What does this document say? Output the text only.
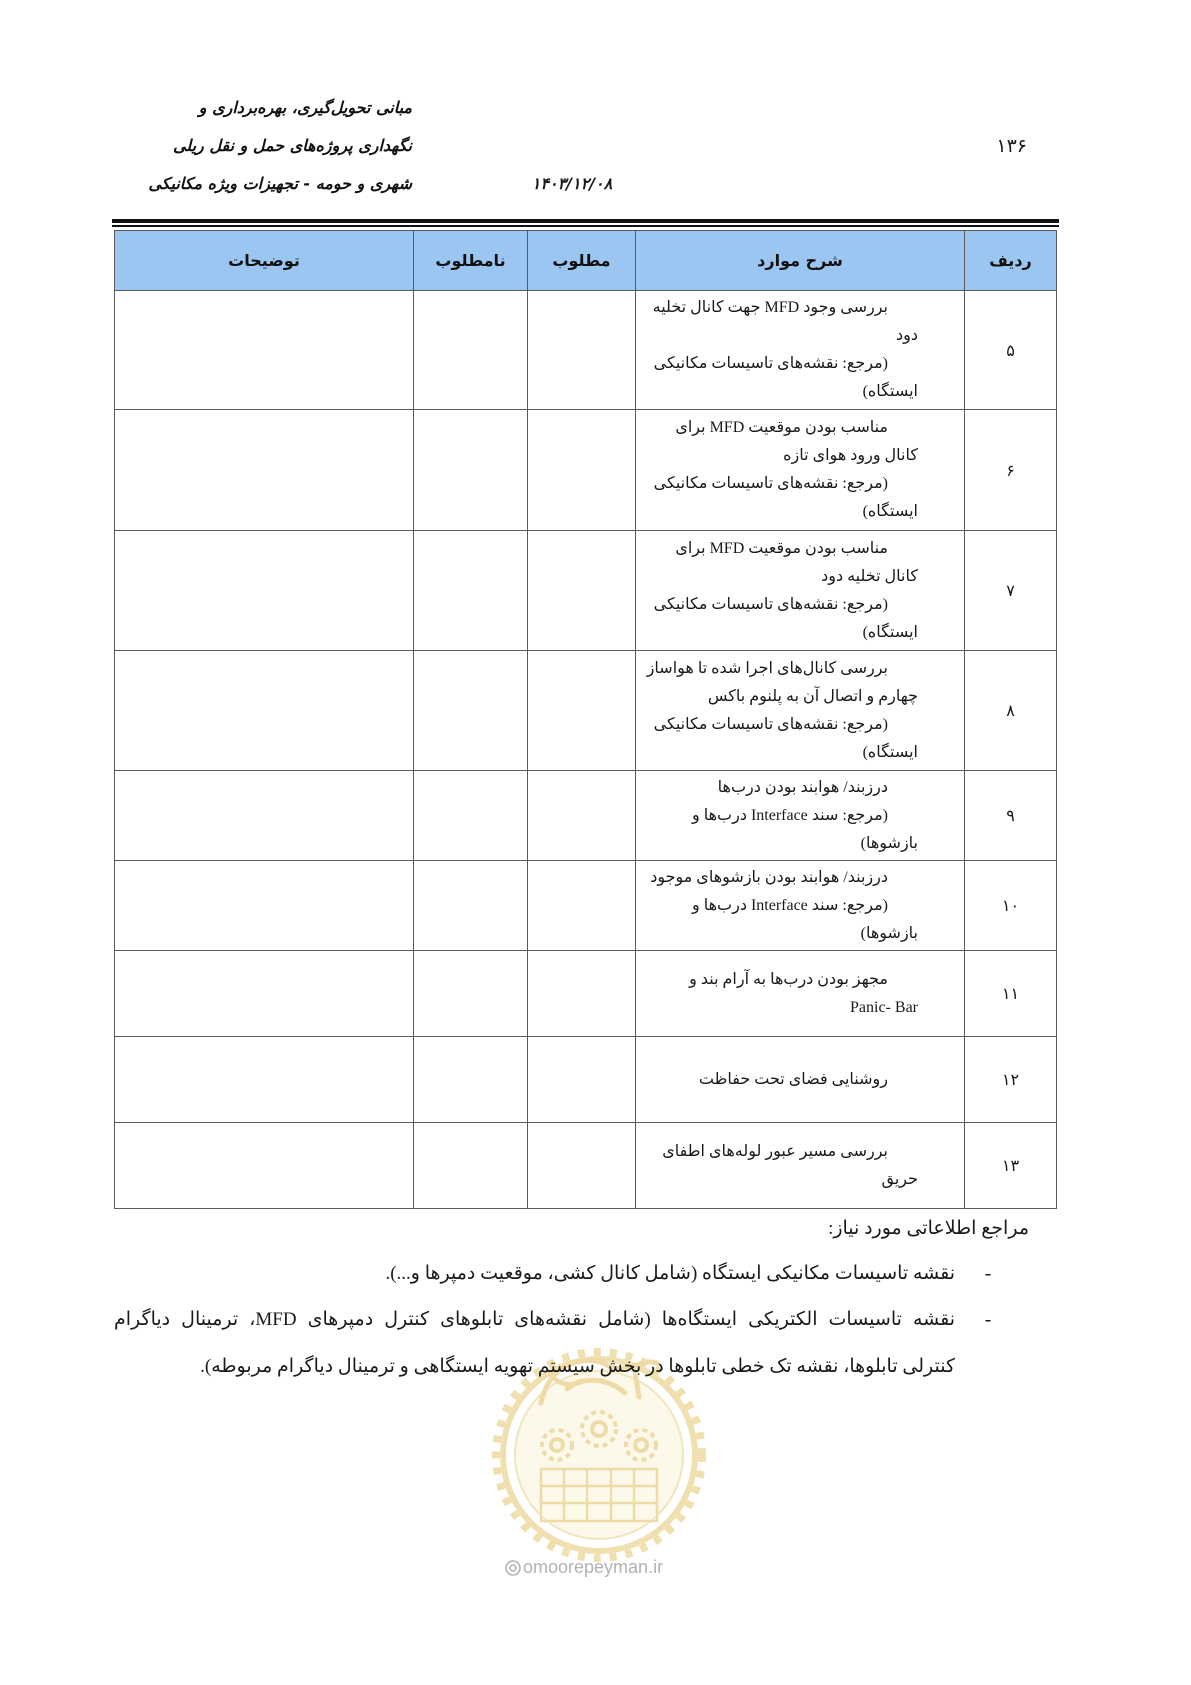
مبانی تحویل‌گیری، بهره‌برداری و
نگهداری پروژه‌های حمل و نقل ریلی
شهری و حومه - تجهیزات ویژه مکانیکی	۱۴۰۳/۱۲/۰۸
۱۳۶
ردیف	شرح موارد	مطلوب	نامطلوب	توضیحات
۵	بررسی وجود MFD جهت کانال تخلیه
دود
(مرجع: نقشه‌های تاسیسات مکانیکی
ایستگاه)			

۶	مناسب بودن موقعیت MFD برای
کانال ورود هوای تازه
(مرجع: نقشه‌های تاسیسات مکانیکی
ایستگاه)			

۷	مناسب بودن موقعیت MFD برای
کانال تخلیه دود
(مرجع: نقشه‌های تاسیسات مکانیکی
ایستگاه)			

۸	بررسی کانال‌های اجرا شده تا هواساز
چهارم و اتصال آن به پلنوم باکس
(مرجع: نقشه‌های تاسیسات مکانیکی
ایستگاه)			

۹	درزبند/ هوابند بودن درب‌ها
(مرجع: سند Interface درب‌ها و
بازشوها)			

۱۰	درزبند/ هوابند بودن بازشوهای موجود
(مرجع: سند Interface درب‌ها و
بازشوها)			

۱۱	مجهز بودن درب‌ها به آرام بند و
Panic- Bar			

۱۲	روشنایی فضای تحت حفاظت			

۱۳	بررسی مسیر عبور لوله‌های اطفای
حریق			

مراجع اطلاعاتی مورد نیاز:
-
نقشه تاسیسات مکانیکی ایستگاه (شامل کانال کشی، موقعیت دمپرها و...).
-
نقشه تاسیسات الکتریکی ایستگاه‌ها (شامل نقشه‌های تابلوهای کنترل دمپرهای MFD، ترمینال دیاگرام
کنترلی تابلوها، نقشه تک خطی تابلوها در بخش سیستم تهویه ایستگاهی و ترمینال دیاگرام مربوطه).
omoorepeyman.ir
